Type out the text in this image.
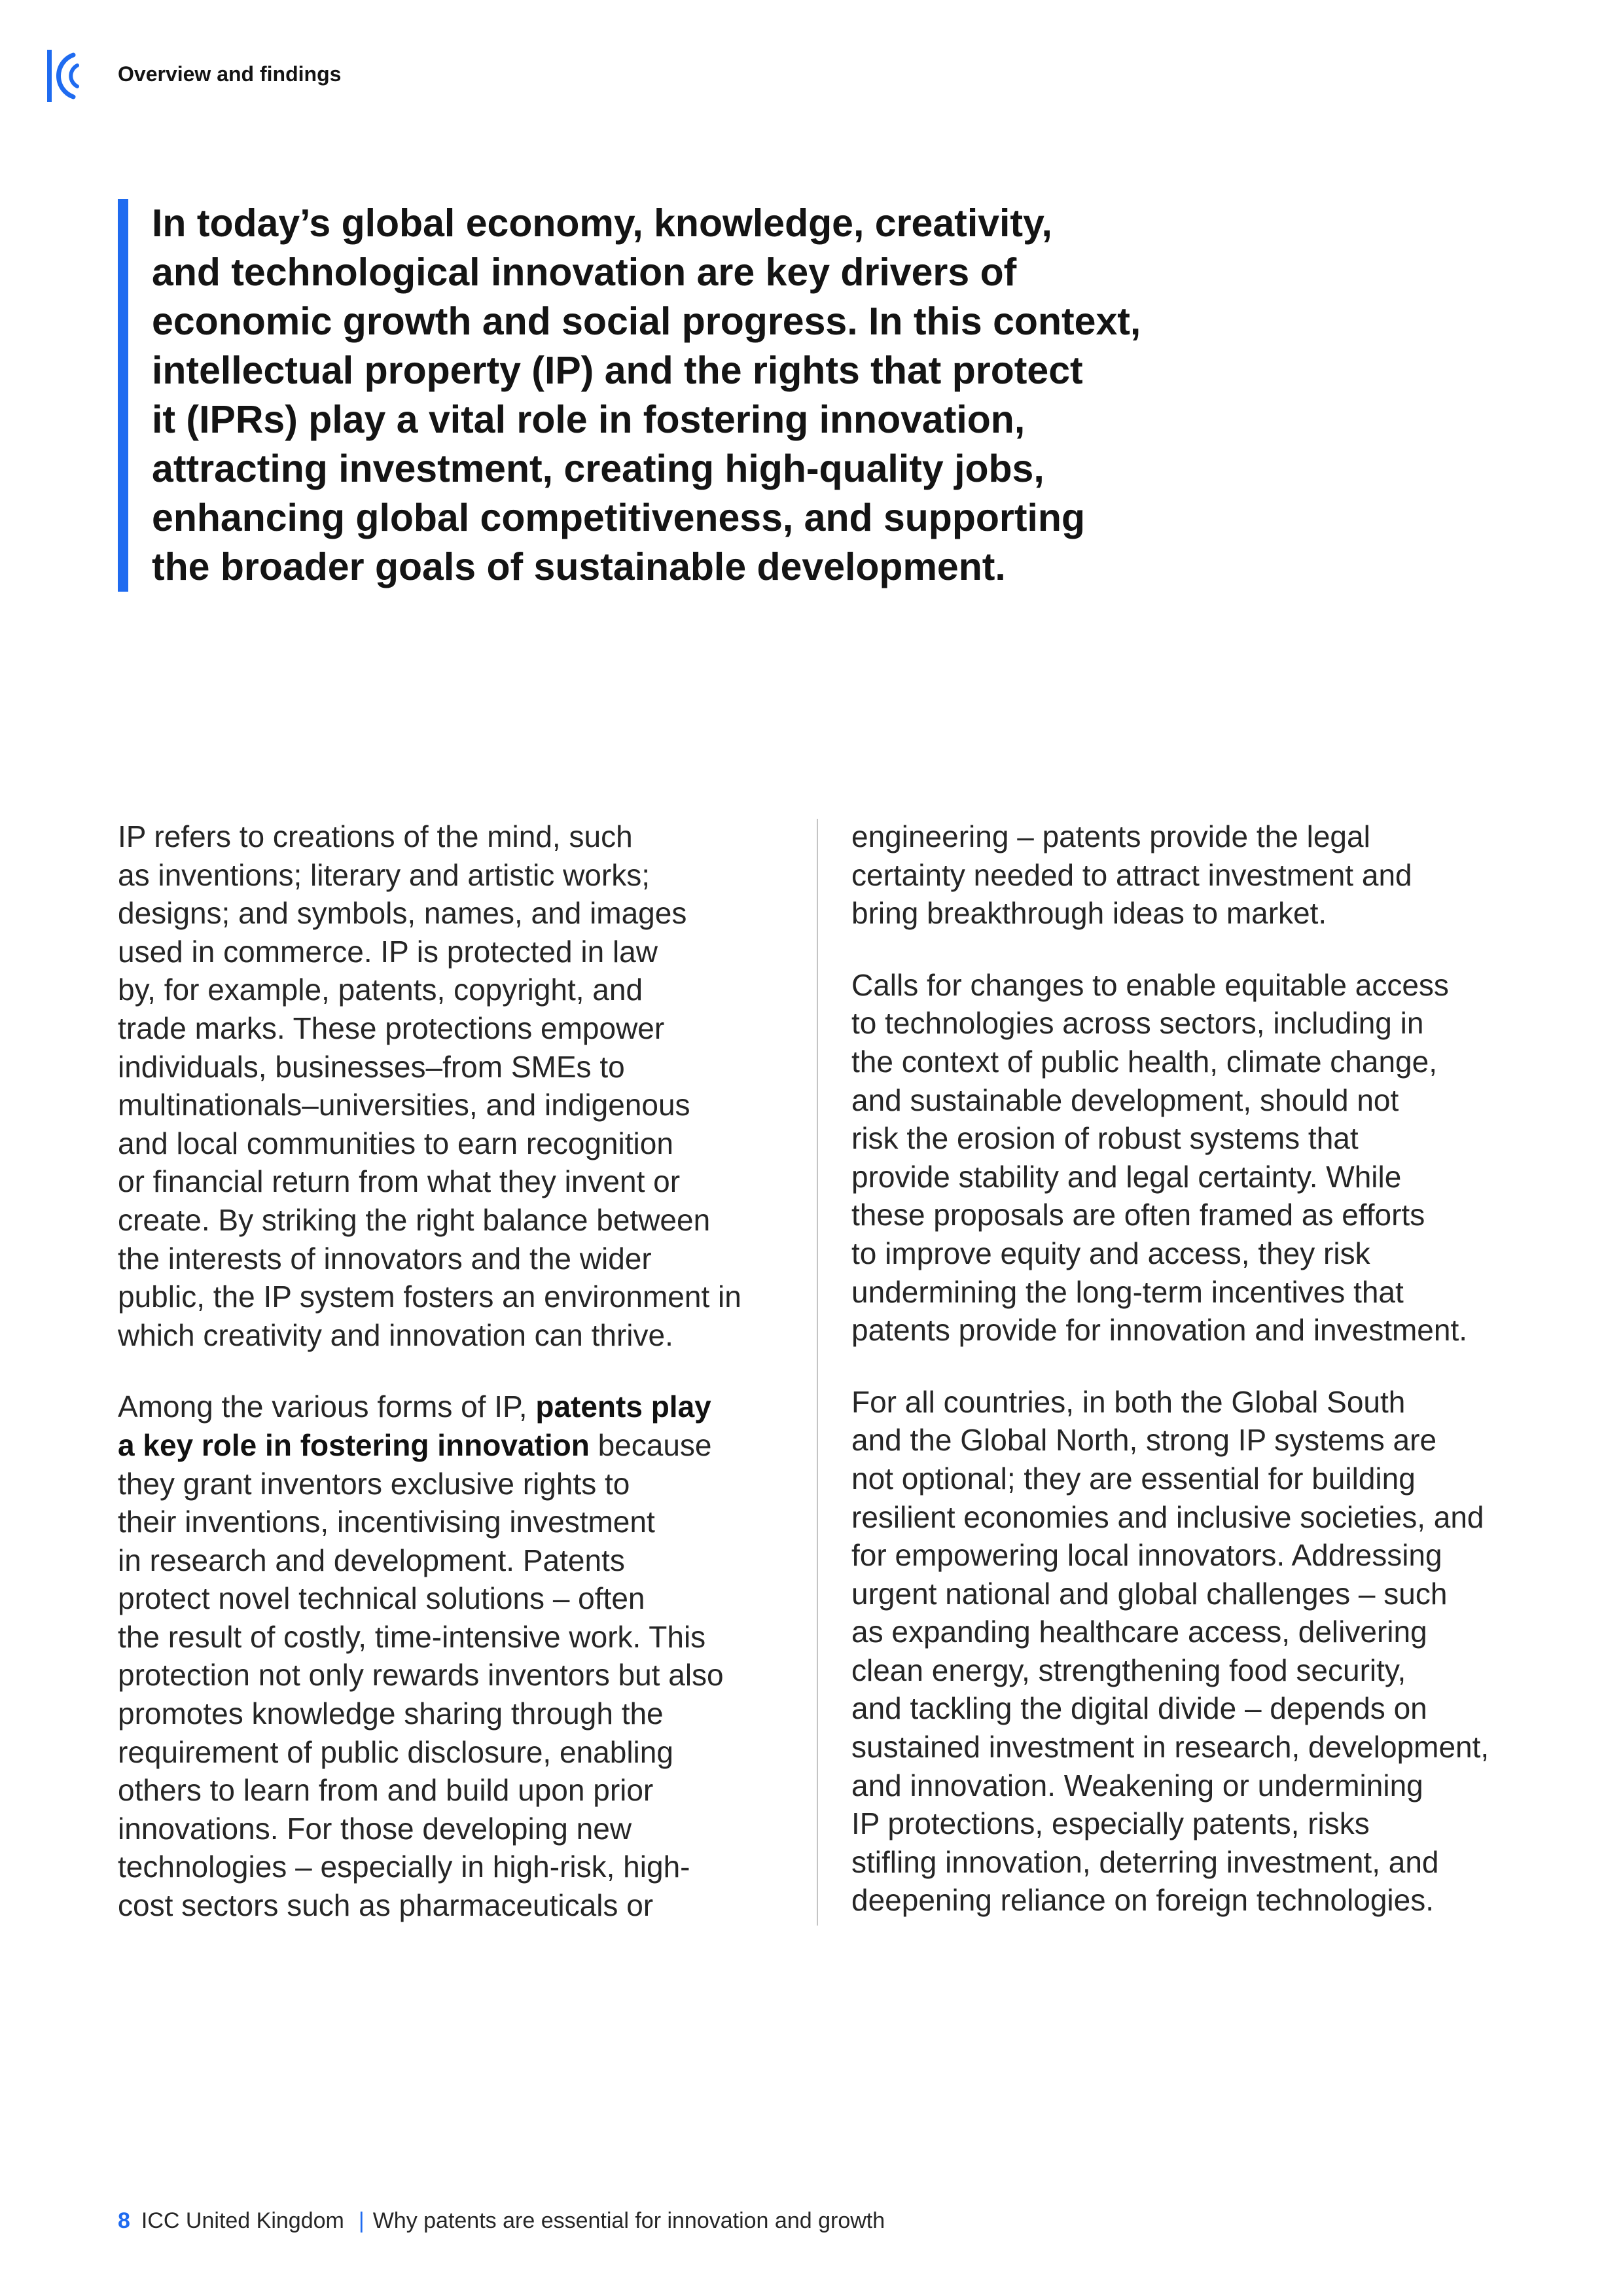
Overview and findings
In today’s global economy, knowledge, creativity,
and technological innovation are key drivers of
economic growth and social progress. In this context,
intellectual property (IP) and the rights that protect
it (IPRs) play a vital role in fostering innovation,
attracting investment, creating high-quality jobs,
enhancing global competitiveness, and supporting
the broader goals of sustainable development.

IP refers to creations of the mind, such
as inventions; literary and artistic works;
designs; and symbols, names, and images
used in commerce. IP is protected in law
by, for example, patents, copyright, and
trade marks. These protections empower
individuals, businesses–from SMEs to
multinationals–universities, and indigenous
and local communities to earn recognition
or financial return from what they invent or
create. By striking the right balance between
the interests of innovators and the wider
public, the IP system fosters an environment in
which creativity and innovation can thrive.

Among the various forms of IP, patents play
a key role in fostering innovation because
they grant inventors exclusive rights to
their inventions, incentivising investment
in research and development. Patents
protect novel technical solutions – often
the result of costly, time-intensive work. This
protection not only rewards inventors but also
promotes knowledge sharing through the
requirement of public disclosure, enabling
others to learn from and build upon prior
innovations. For those developing new
technologies – especially in high-risk, high-
cost sectors such as pharmaceuticals or

engineering – patents provide the legal
certainty needed to attract investment and
bring breakthrough ideas to market.

Calls for changes to enable equitable access
to technologies across sectors, including in
the context of public health, climate change,
and sustainable development, should not
risk the erosion of robust systems that
provide stability and legal certainty. While
these proposals are often framed as efforts
to improve equity and access, they risk
undermining the long-term incentives that
patents provide for innovation and investment.

For all countries, in both the Global South
and the Global North, strong IP systems are
not optional; they are essential for building
resilient economies and inclusive societies, and
for empowering local innovators. Addressing
urgent national and global challenges – such
as expanding healthcare access, delivering
clean energy, strengthening food security,
and tackling the digital divide – depends on
sustained investment in research, development,
and innovation. Weakening or undermining
IP protections, especially patents, risks
stifling innovation, deterring investment, and
deepening reliance on foreign technologies.

8 ICC United Kingdom | Why patents are essential for innovation and growth
